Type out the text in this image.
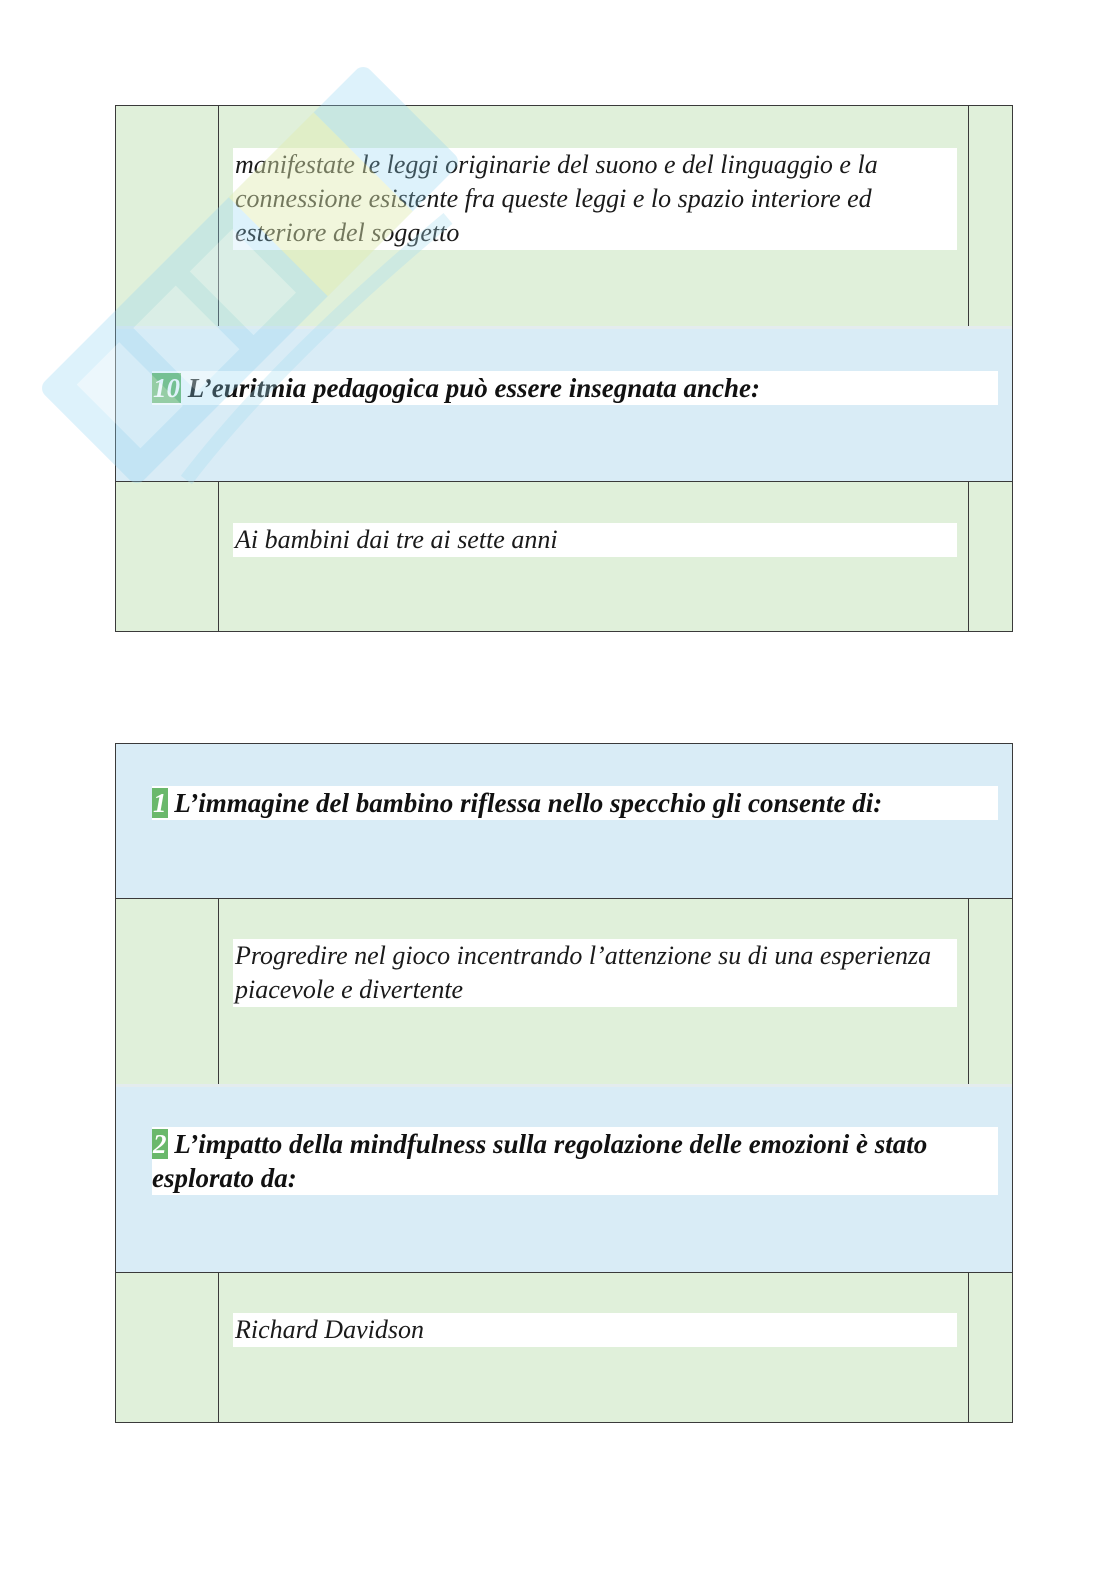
manifestate le leggi originarie del suono e del linguaggio e la connessione esistente fra queste leggi e lo spazio interiore ed esteriore del soggetto
10 L’euritmia pedagogica può essere insegnata anche:
Ai bambini dai tre ai sette anni
1 L’immagine del bambino riflessa nello specchio gli consente di:
Progredire nel gioco incentrando l’attenzione su di una esperienza piacevole e divertente
2 L’impatto della mindfulness sulla regolazione delle emozioni è stato esplorato da:
Richard Davidson
